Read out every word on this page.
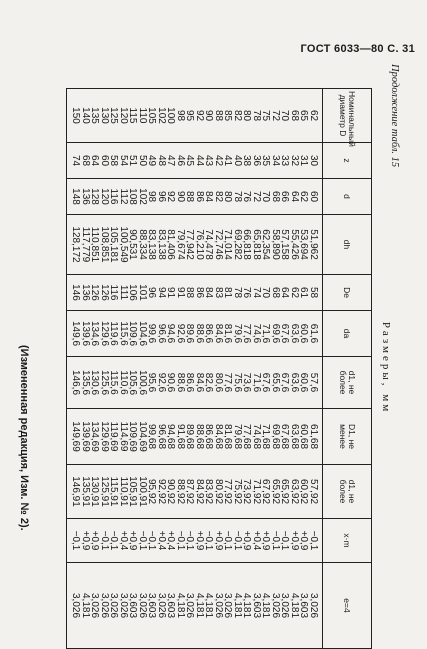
ГОСТ 6033—80 С. 31
Продолжение табл. 15
Размеры, мм
Номинальный диаметр D	z	d	dh	De	da	d1, не более	D1, не менее	d1, не более	x·m	e=4
62	30	60	51,962	58	61,6	57,6	61,68	57,92	−0,1	3,026
65	31	62	53,694	61	60,6	60,6	60,68	60,92	+0,9	3,603
68	32	64	55,426	62	63,6	63,6	63,68	63,92	+0,9	4,181
70	33	66	57,158	64	67,6	67,6	67,68	65,92	−0,1	3,026
72	34	68	58,890	68	69,6	65,6	69,68	65,92	−0,1	3,026
75	35	70	62,354	70	71,6	67,6	71,68	67,92	+0,9	4,181
78	36	72	65,818	74	74,6	71,6	74,68	71,92	+0,4	3,603
80	38	76	66,818	76	77,6	73,6	77,68	73,92	+0,9	4,181
82	40	78	69,282	78	79,6	75,6	79,68	75,92	−0,1	4,181
85	41	80	71,014	81	81,6	77,6	81,68	77,92	−0,1	3,026
88	42	82	72,746	83	84,6	80,6	84,68	80,92	+0,9	3,026
90	43	84	74,478	84	86,6	82,6	86,68	83,92	−0,1	4,181
92	44	86	76,210	86	88,6	84,6	88,68	84,92	+0,9	4,181
95	45	88	77,942	88	89,6	86,6	89,68	87,92	−0,1	3,026
98	46	90	79,674	91	92,6	88,6	91,68	88,92	−0,1	4,181
100	47	92	81,406	91	94,6	90,6	94,68	90,92	+0,4	3,603
102	48	96	83,138	94	96,6	92,6	96,68	92,92	+0,4	3,026
105	49	98	83,138	96	99,6	95,6	99,68	95,92	−0,1	3,603
110	50	102	88,334	101	104,6	100,6	104,69	100,91	−0,1	3,026
115	51	108	90,531	106	109,6	105,6	109,69	105,91	+0,9	3,603
120	54	112	100,549	111	115,6	110,6	114,69	110,91	+0,4	3,026
125	58	116	105,181	116	119,6	115,6	119,69	115,91	−0,1	3,026
130	60	120	108,851	126	129,6	125,6	129,69	125,91	−0,1	3,026
135	64	128	110,851	126	134,6	130,6	134,69	130,91	+0,9	3,026
140	68	136	117,779	136	139,6	135,6	139,69	135,91	+0,9	4,181
150	74	148	128,172	146	149,6	146,6	149,69	146,91	−0,1	3,026
(Измененная редакция, Изм. № 2).
